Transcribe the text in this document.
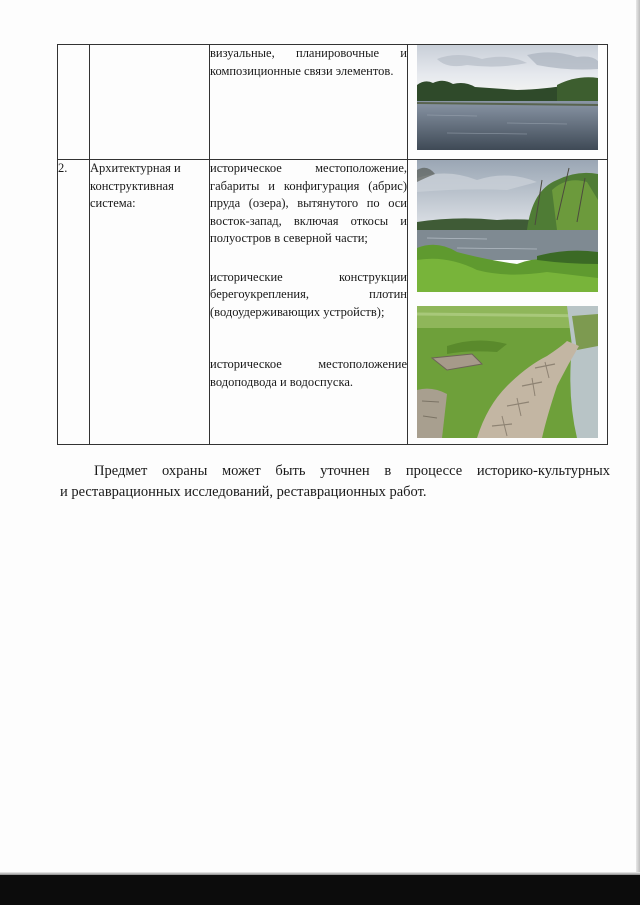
		визуальные, планировочные и композиционные связи элементов.

2.	Архитектурная и конструктивная система:	историческое местоположение, габариты и конфигурация (абрис) пруда (озера), вытянутого по оси восток-запад, включая откосы и полуостров в северной части;

исторические конструкции берегоукрепления, плотин (водоудерживающих устройств);

историческое местоположение водоподвода и водоспуска.

Предмет охраны может быть уточнен в процессе историко-культурных
и реставрационных исследований, реставрационных работ.
